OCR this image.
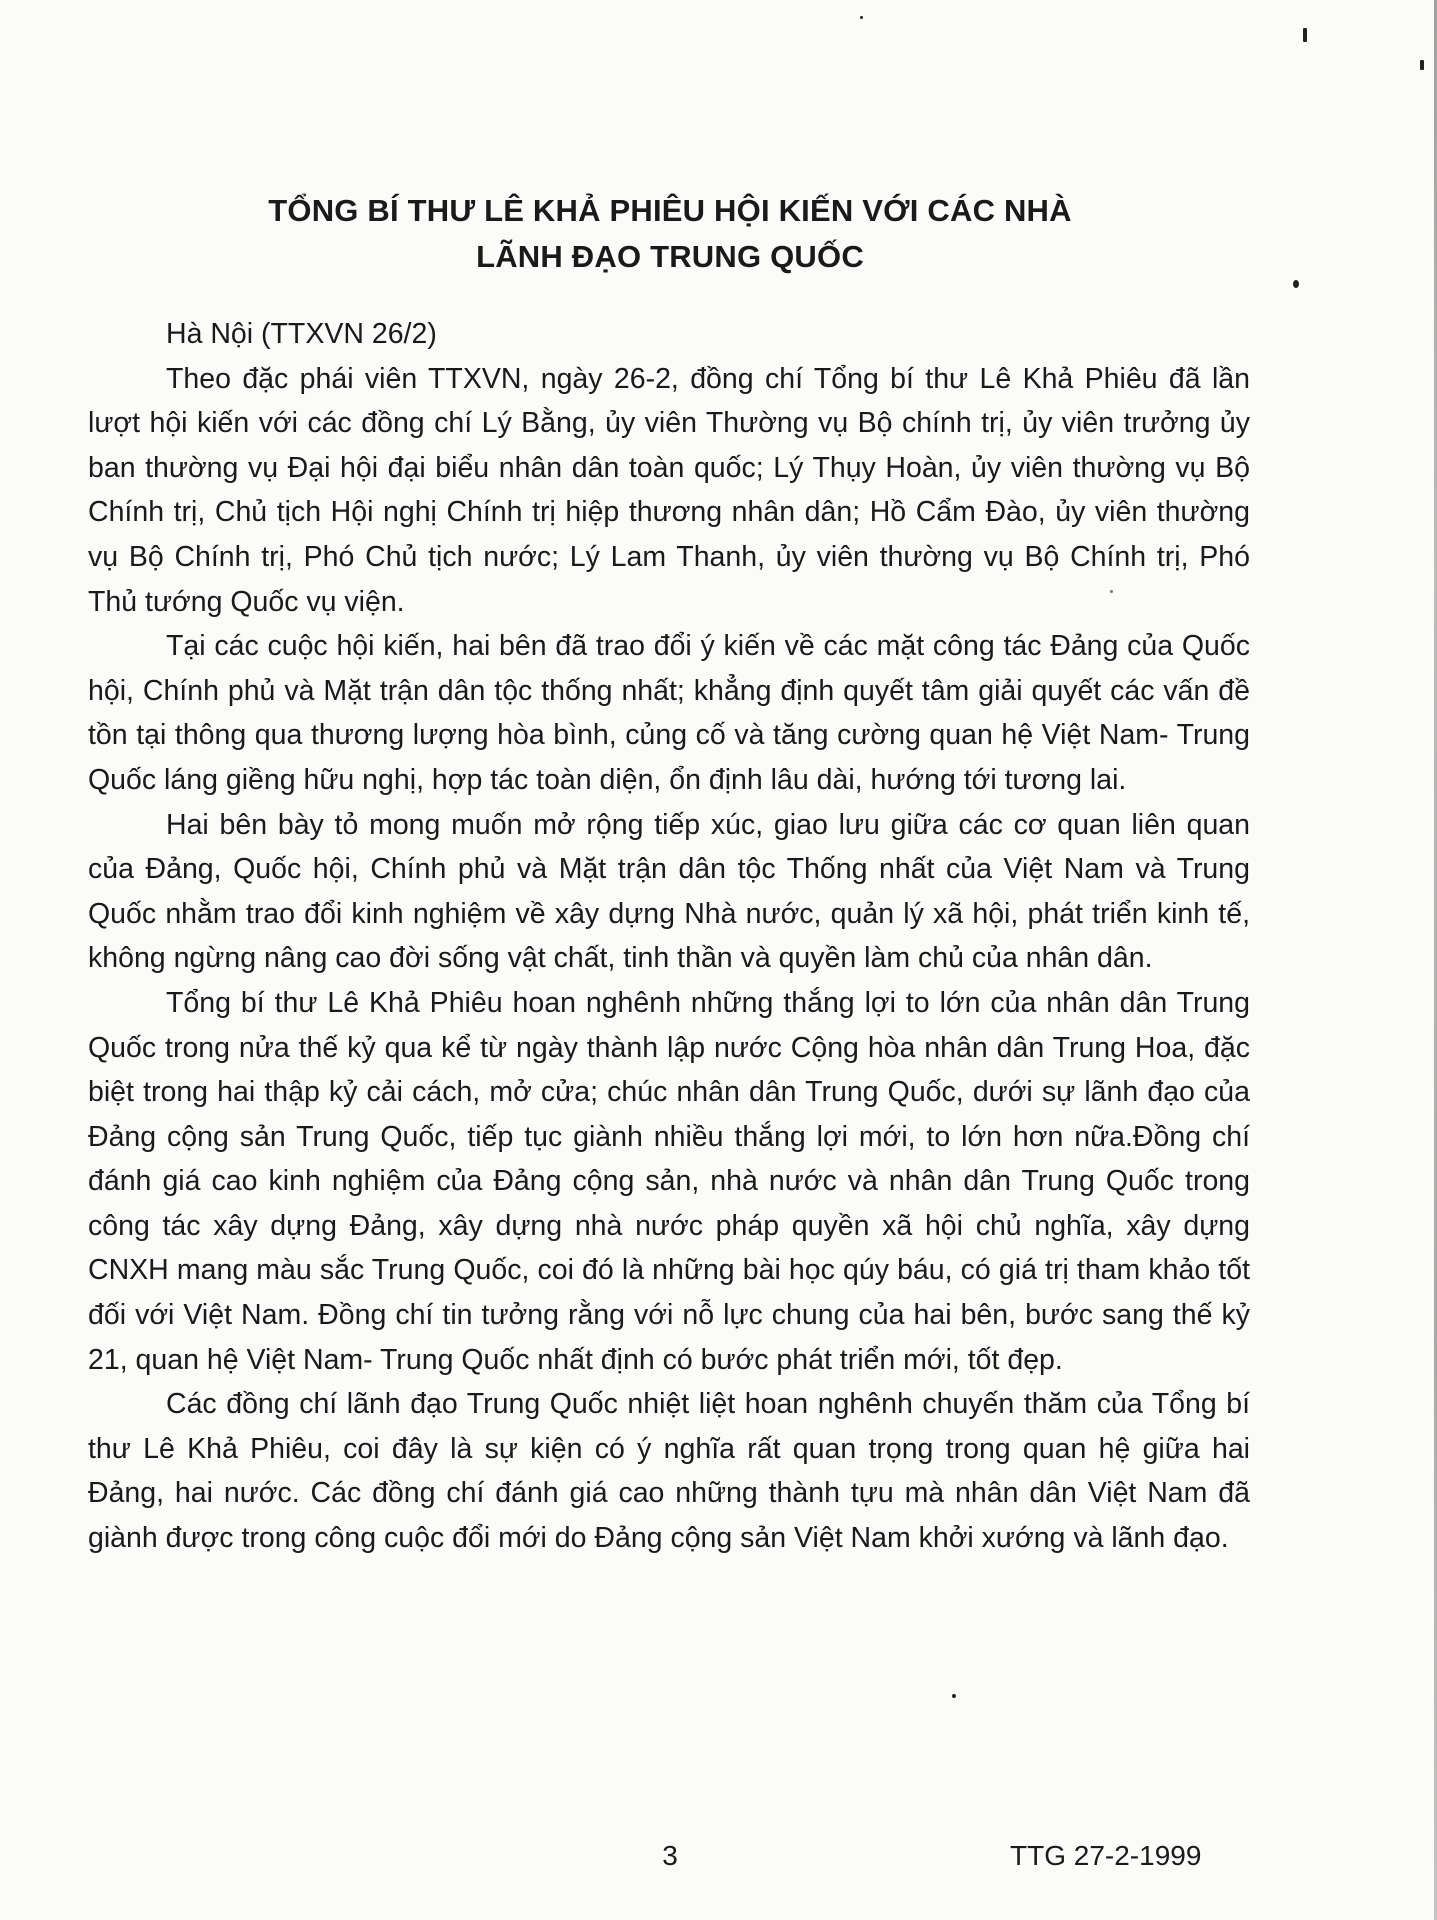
TỔNG BÍ THƯ LÊ KHẢ PHIÊU HỘI KIẾN VỚI CÁC NHÀ
LÃNH ĐẠO TRUNG QUỐC

Hà Nội (TTXVN 26/2)

Theo đặc phái viên TTXVN, ngày 26-2, đồng chí Tổng bí thư Lê Khả Phiêu đã lần lượt hội kiến với các đồng chí Lý Bằng, ủy viên Thường vụ Bộ chính trị, ủy viên trưởng ủy ban thường vụ Đại hội đại biểu nhân dân toàn quốc; Lý Thụy Hoàn, ủy viên thường vụ Bộ Chính trị, Chủ tịch Hội nghị Chính trị hiệp thương nhân dân; Hồ Cẩm Đào, ủy viên thường vụ Bộ Chính trị, Phó Chủ tịch nước; Lý Lam Thanh, ủy viên thường vụ Bộ Chính trị, Phó Thủ tướng Quốc vụ viện.

Tại các cuộc hội kiến, hai bên đã trao đổi ý kiến về các mặt công tác Đảng của Quốc hội, Chính phủ và Mặt trận dân tộc thống nhất; khẳng định quyết tâm giải quyết các vấn đề tồn tại thông qua thương lượng hòa bình, củng cố và tăng cường quan hệ Việt Nam- Trung Quốc láng giềng hữu nghị, hợp tác toàn diện, ổn định lâu dài, hướng tới tương lai.

Hai bên bày tỏ mong muốn mở rộng tiếp xúc, giao lưu giữa các cơ quan liên quan của Đảng, Quốc hội, Chính phủ và Mặt trận dân tộc Thống nhất của Việt Nam và Trung Quốc nhằm trao đổi kinh nghiệm về xây dựng Nhà nước, quản lý xã hội, phát triển kinh tế, không ngừng nâng cao đời sống vật chất, tinh thần và quyền làm chủ của nhân dân.

Tổng bí thư Lê Khả Phiêu hoan nghênh những thắng lợi to lớn của nhân dân Trung Quốc trong nửa thế kỷ qua kể từ ngày thành lập nước Cộng hòa nhân dân Trung Hoa, đặc biệt trong hai thập kỷ cải cách, mở cửa; chúc nhân dân Trung Quốc, dưới sự lãnh đạo của Đảng cộng sản Trung Quốc, tiếp tục giành nhiều thắng lợi mới, to lớn hơn nữa.Đồng chí đánh giá cao kinh nghiệm của Đảng cộng sản, nhà nước và nhân dân Trung Quốc trong công tác xây dựng Đảng, xây dựng nhà nước pháp quyền xã hội chủ nghĩa, xây dựng CNXH mang màu sắc Trung Quốc, coi đó là những bài học qúy báu, có giá trị tham khảo tốt đối với Việt Nam. Đồng chí tin tưởng rằng với nỗ lực chung của hai bên, bước sang thế kỷ 21, quan hệ Việt Nam- Trung Quốc nhất định có bước phát triển mới, tốt đẹp.

Các đồng chí lãnh đạo Trung Quốc nhiệt liệt hoan nghênh chuyến thăm của Tổng bí thư Lê Khả Phiêu, coi đây là sự kiện có ý nghĩa rất quan trọng trong quan hệ giữa hai Đảng, hai nước. Các đồng chí đánh giá cao những thành tựu mà nhân dân Việt Nam đã giành được trong công cuộc đổi mới do Đảng cộng sản Việt Nam khởi xướng và lãnh đạo.

3	TTG 27-2-1999
